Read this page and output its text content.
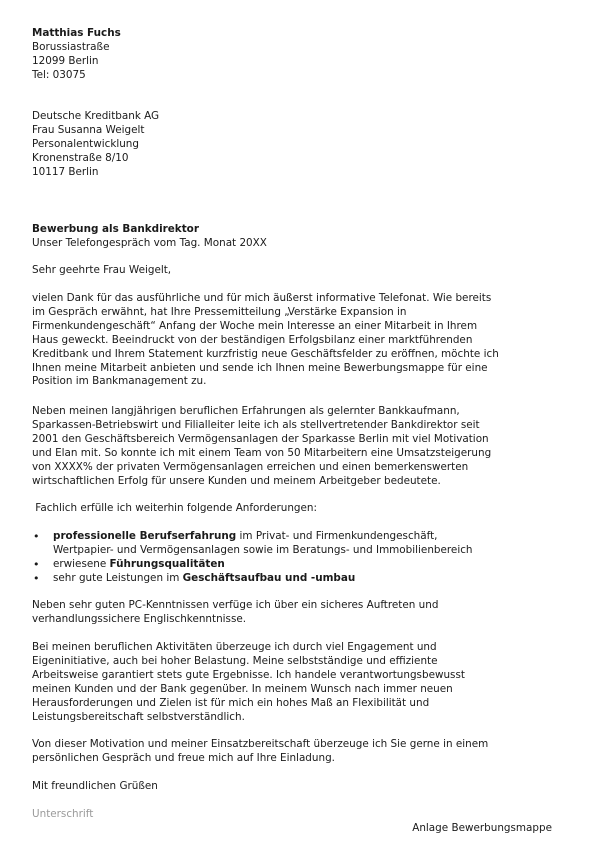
Matthias Fuchs
Borussiastraße
12099 Berlin
Tel: 03075
Deutsche Kreditbank AG
Frau Susanna Weigelt
Personalentwicklung
Kronenstraße 8/10
10117 Berlin
Bewerbung als Bankdirektor
Unser Telefongespräch vom Tag. Monat 20XX
Sehr geehrte Frau Weigelt,
vielen Dank für das ausführliche und für mich äußerst informative Telefonat. Wie bereits
im Gespräch erwähnt, hat Ihre Pressemitteilung „Verstärke Expansion in
Firmenkundengeschäft“ Anfang der Woche mein Interesse an einer Mitarbeit in Ihrem
Haus geweckt. Beeindruckt von der beständigen Erfolgsbilanz einer marktführenden
Kreditbank und Ihrem Statement kurzfristig neue Geschäftsfelder zu eröffnen, möchte ich
Ihnen meine Mitarbeit anbieten und sende ich Ihnen meine Bewerbungsmappe für eine
Position im Bankmanagement zu.
Neben meinen langjährigen beruflichen Erfahrungen als gelernter Bankkaufmann,
Sparkassen-Betriebswirt und Filialleiter leite ich als stellvertretender Bankdirektor seit
2001 den Geschäftsbereich Vermögensanlagen der Sparkasse Berlin mit viel Motivation
und Elan mit. So konnte ich mit einem Team von 50 Mitarbeitern eine Umsatzsteigerung
von XXXX% der privaten Vermögensanlagen erreichen und einen bemerkenswerten
wirtschaftlichen Erfolg für unsere Kunden und meinem Arbeitgeber bedeutete.
Fachlich erfülle ich weiterhin folgende Anforderungen:
• professionelle Berufserfahrung im Privat- und Firmenkundengeschäft,
Wertpapier- und Vermögensanlagen sowie im Beratungs- und Immobilienbereich
• erwiesene Führungsqualitäten
• sehr gute Leistungen im Geschäftsaufbau und -umbau
Neben sehr guten PC-Kenntnissen verfüge ich über ein sicheres Auftreten und
verhandlungssichere Englischkenntnisse.
Bei meinen beruflichen Aktivitäten überzeuge ich durch viel Engagement und
Eigeninitiative, auch bei hoher Belastung. Meine selbstständige und effiziente
Arbeitsweise garantiert stets gute Ergebnisse. Ich handele verantwortungsbewusst
meinen Kunden und der Bank gegenüber. In meinem Wunsch nach immer neuen
Herausforderungen und Zielen ist für mich ein hohes Maß an Flexibilität und
Leistungsbereitschaft selbstverständlich.
Von dieser Motivation und meiner Einsatzbereitschaft überzeuge ich Sie gerne in einem
persönlichen Gespräch und freue mich auf Ihre Einladung.
Mit freundlichen Grüßen
Unterschrift
Anlage Bewerbungsmappe
